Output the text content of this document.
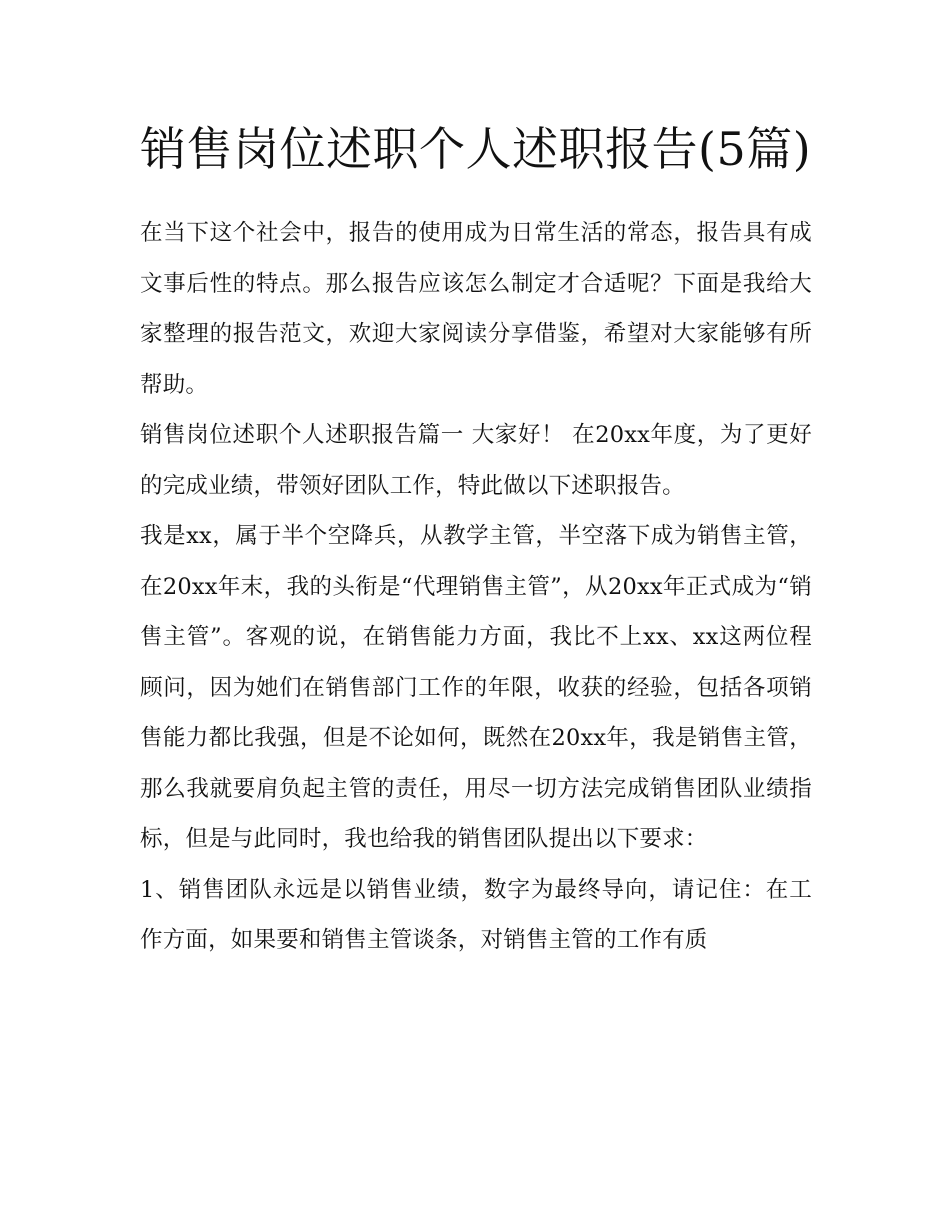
销售岗位述职个人述职报告(5篇)

在当下这个社会中，报告的使用成为日常生活的常态，报告具有成文事后性的特点。那么报告应该怎么制定才合适呢？下面是我给大家整理的报告范文，欢迎大家阅读分享借鉴，希望对大家能够有所帮助。

销售岗位述职个人述职报告篇一 大家好！ 在20xx年度，为了更好的完成业绩，带领好团队工作，特此做以下述职报告。

我是xx，属于半个空降兵，从教学主管，半空落下成为销售主管，在20xx年末，我的头衔是“代理销售主管”，从20xx年正式成为“销售主管”。客观的说，在销售能力方面，我比不上xx、xx这两位程顾问，因为她们在销售部门工作的年限，收获的经验，包括各项销售能力都比我强，但是不论如何，既然在20xx年，我是销售主管，那么我就要肩负起主管的责任，用尽一切方法完成销售团队业绩指标，但是与此同时，我也给我的销售团队提出以下要求：

1、销售团队永远是以销售业绩，数字为最终导向，请记住：在工作方面，如果要和销售主管谈条，对销售主管的工作有质
